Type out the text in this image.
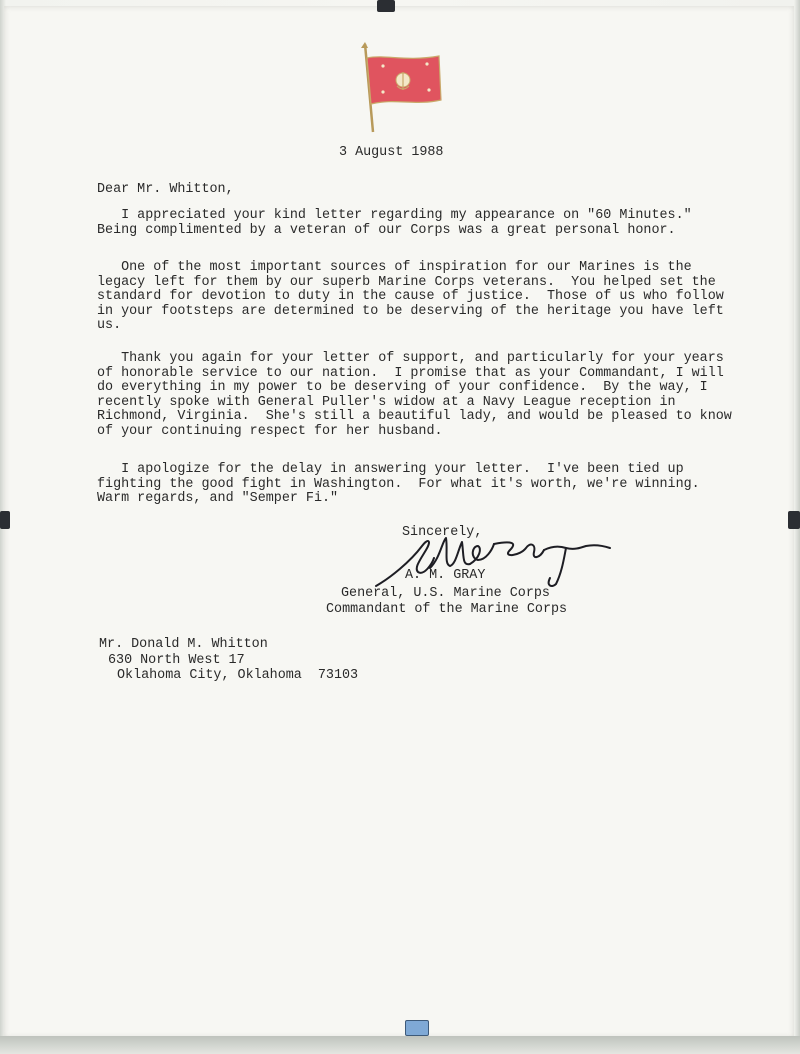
3 August 1988
Dear Mr. Whitton,
I appreciated your kind letter regarding my appearance on "60 Minutes."
Being complimented by a veteran of our Corps was a great personal honor.
One of the most important sources of inspiration for our Marines is the
legacy left for them by our superb Marine Corps veterans.  You helped set the
standard for devotion to duty in the cause of justice.  Those of us who follow
in your footsteps are determined to be deserving of the heritage you have left
us.
Thank you again for your letter of support, and particularly for your years
of honorable service to our nation.  I promise that as your Commandant, I will
do everything in my power to be deserving of your confidence.  By the way, I
recently spoke with General Puller's widow at a Navy League reception in
Richmond, Virginia.  She's still a beautiful lady, and would be pleased to know
of your continuing respect for her husband.
I apologize for the delay in answering your letter.  I've been tied up
fighting the good fight in Washington.  For what it's worth, we're winning.
Warm regards, and "Semper Fi."
Sincerely,
A. M. GRAY
General, U.S. Marine Corps
Commandant of the Marine Corps
Mr. Donald M. Whitton
630 North West 17
Oklahoma City, Oklahoma  73103
